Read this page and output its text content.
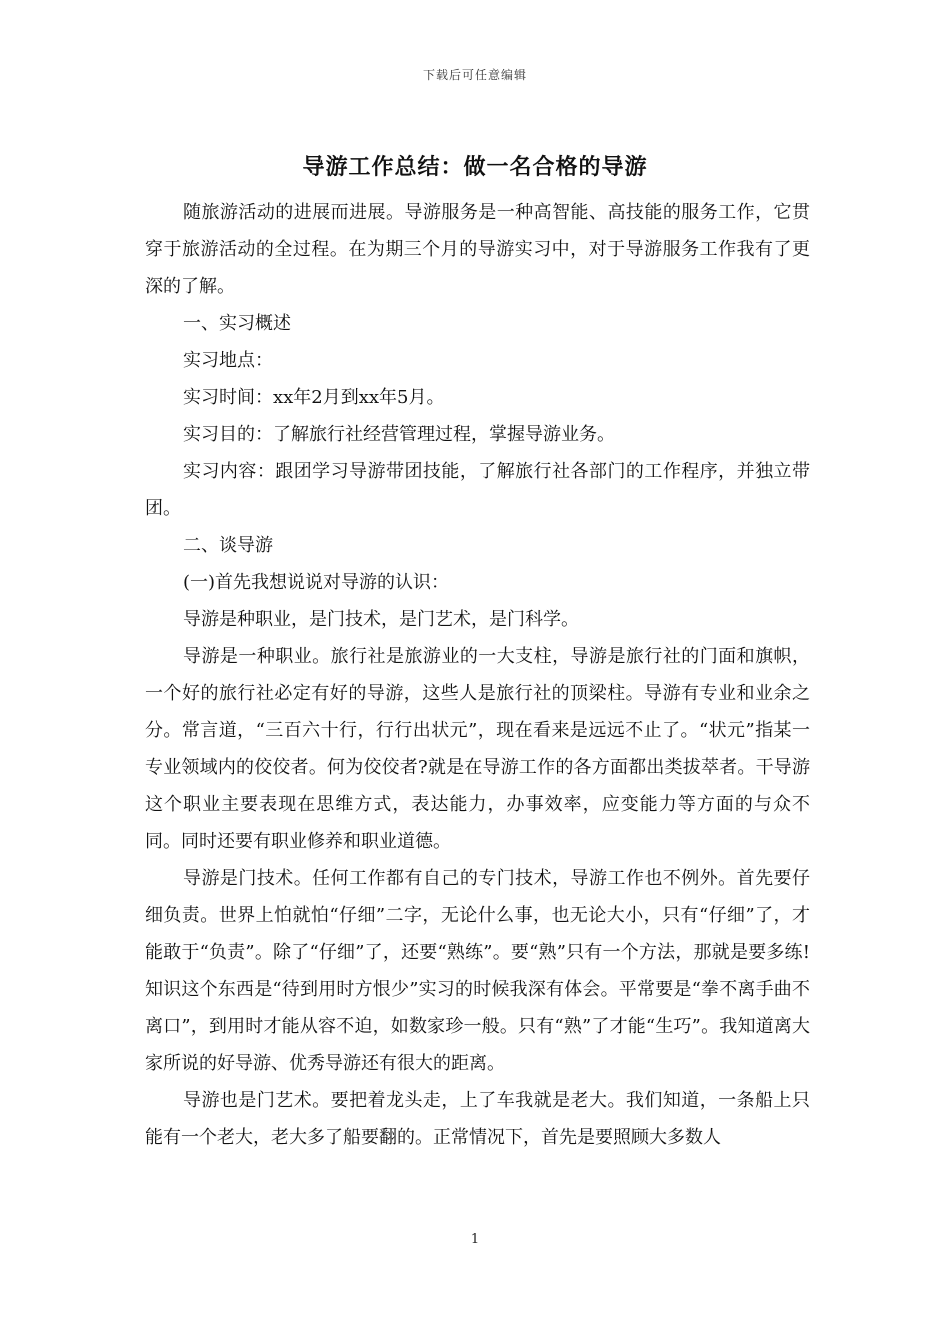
下载后可任意编辑
导游工作总结：做一名合格的导游

随旅游活动的进展而进展。导游服务是一种高智能、高技能的服务工作，它贯穿于旅游活动的全过程。在为期三个月的导游实习中，对于导游服务工作我有了更深的了解。

一、实习概述

实习地点：

实习时间：xx年2月到xx年5月。

实习目的：了解旅行社经营管理过程，掌握导游业务。

实习内容：跟团学习导游带团技能，了解旅行社各部门的工作程序，并独立带团。

二、谈导游

(一)首先我想说说对导游的认识：

导游是种职业，是门技术，是门艺术，是门科学。

导游是一种职业。旅行社是旅游业的一大支柱，导游是旅行社的门面和旗帜，一个好的旅行社必定有好的导游，这些人是旅行社的顶梁柱。导游有专业和业余之分。常言道，“三百六十行，行行出状元”，现在看来是远远不止了。“状元”指某一专业领域内的佼佼者。何为佼佼者?就是在导游工作的各方面都出类拔萃者。干导游这个职业主要表现在思维方式，表达能力，办事效率，应变能力等方面的与众不同。同时还要有职业修养和职业道德。

导游是门技术。任何工作都有自己的专门技术，导游工作也不例外。首先要仔细负责。世界上怕就怕“仔细”二字，无论什么事，也无论大小，只有“仔细”了，才能敢于“负责”。除了“仔细”了，还要“熟练”。要“熟”只有一个方法，那就是要多练!知识这个东西是“待到用时方恨少”实习的时候我深有体会。平常要是“拳不离手曲不离口”，到用时才能从容不迫，如数家珍一般。只有“熟”了才能“生巧”。我知道离大家所说的好导游、优秀导游还有很大的距离。

导游也是门艺术。要把着龙头走，上了车我就是老大。我们知道，一条船上只能有一个老大，老大多了船要翻的。正常情况下，首先是要照顾大多数人

1
